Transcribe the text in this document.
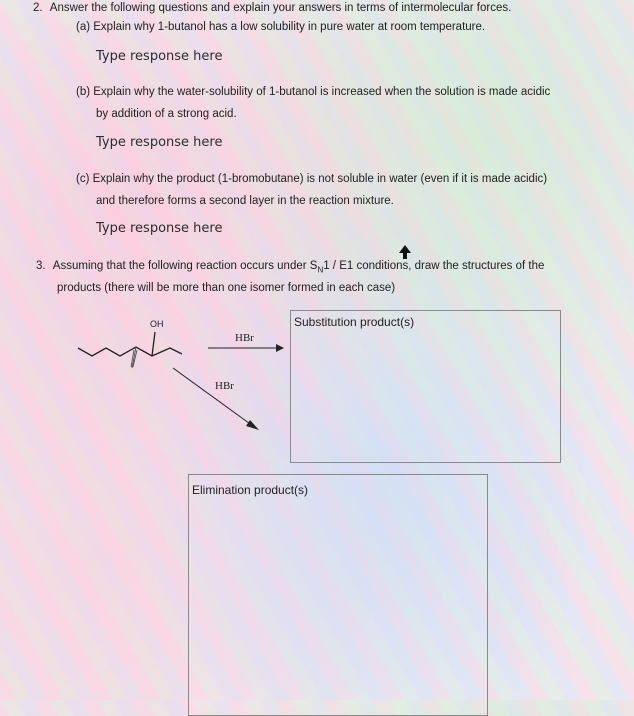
2. Answer the following questions and explain your answers in terms of intermolecular forces.
(a) Explain why 1-butanol has a low solubility in pure water at room temperature.
Type response here
(b) Explain why the water-solubility of 1-butanol is increased when the solution is made acidic
by addition of a strong acid.
Type response here
(c) Explain why the product (1-bromobutane) is not soluble in water (even if it is made acidic)
and therefore forms a second layer in the reaction mixture.
Type response here
3. Assuming that the following reaction occurs under $S_N1 / E1$ conditions, draw the structures of the
products (there will be more than one isomer formed in each case)
OH
HBr
HBr
Substitution product(s)
Elimination product(s)
